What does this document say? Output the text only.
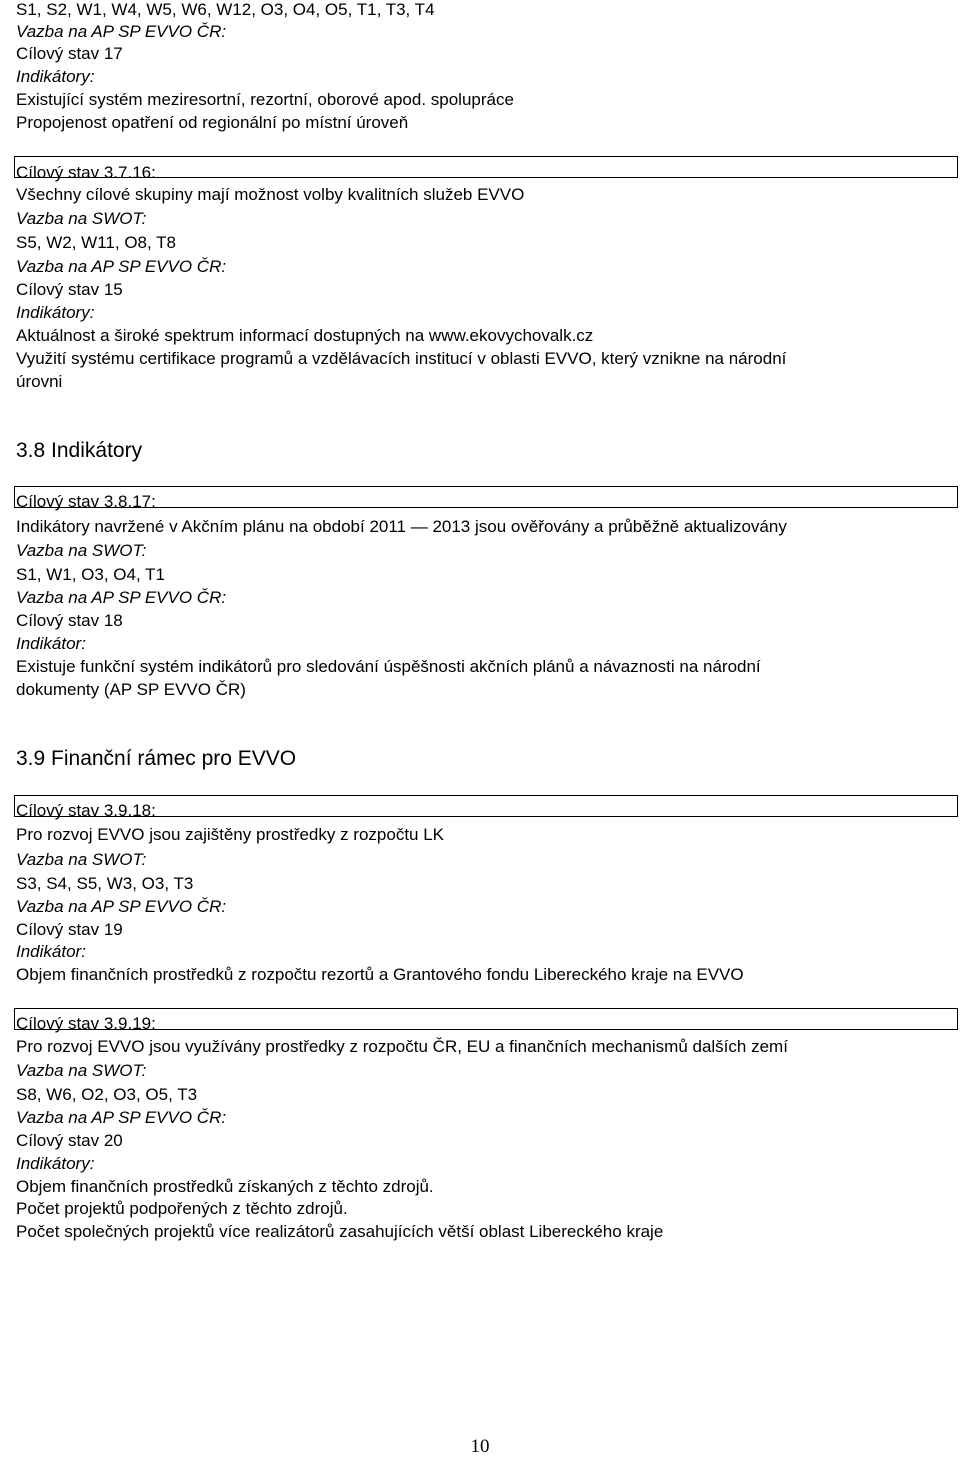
S1, S2, W1, W4, W5, W6, W12, O3, O4, O5, T1, T3, T4
Vazba na AP SP EVVO ČR:
Cílový stav 17
Indikátory:
Existující systém meziresortní, rezortní, oborové apod. spolupráce
Propojenost opatření od regionální po místní úroveň
Cílový stav 3.7.16:
Všechny cílové skupiny mají možnost volby kvalitních služeb EVVO
Vazba na SWOT:
S5, W2, W11, O8, T8
Vazba na AP SP EVVO ČR:
Cílový stav 15
Indikátory:
Aktuálnost a široké spektrum informací dostupných na www.ekovychovalk.cz
Využití systému certifikace programů a vzdělávacích institucí v oblasti EVVO, který vznikne na národní
úrovni
3.8 Indikátory
Cílový stav 3.8.17:
Indikátory navržené v Akčním plánu na období 2011 — 2013 jsou ověřovány a průběžně aktualizovány
Vazba na SWOT:
S1, W1, O3, O4, T1
Vazba na AP SP EVVO ČR:
Cílový stav 18
Indikátor:
Existuje funkční systém indikátorů pro sledování úspěšnosti akčních plánů a návaznosti na národní
dokumenty (AP SP EVVO ČR)
3.9 Finanční rámec pro EVVO
Cílový stav 3.9.18:
Pro rozvoj EVVO jsou zajištěny prostředky z rozpočtu LK
Vazba na SWOT:
S3, S4, S5, W3, O3, T3
Vazba na AP SP EVVO ČR:
Cílový stav 19
Indikátor:
Objem finančních prostředků z rozpočtu rezortů a Grantového fondu Libereckého kraje na EVVO
Cílový stav 3.9.19:
Pro rozvoj EVVO jsou využívány prostředky z rozpočtu ČR, EU a finančních mechanismů dalších zemí
Vazba na SWOT:
S8, W6, O2, O3, O5, T3
Vazba na AP SP EVVO ČR:
Cílový stav 20
Indikátory:
Objem finančních prostředků získaných z těchto zdrojů.
Počet projektů podpořených z těchto zdrojů.
Počet společných projektů více realizátorů zasahujících větší oblast Libereckého kraje
10
